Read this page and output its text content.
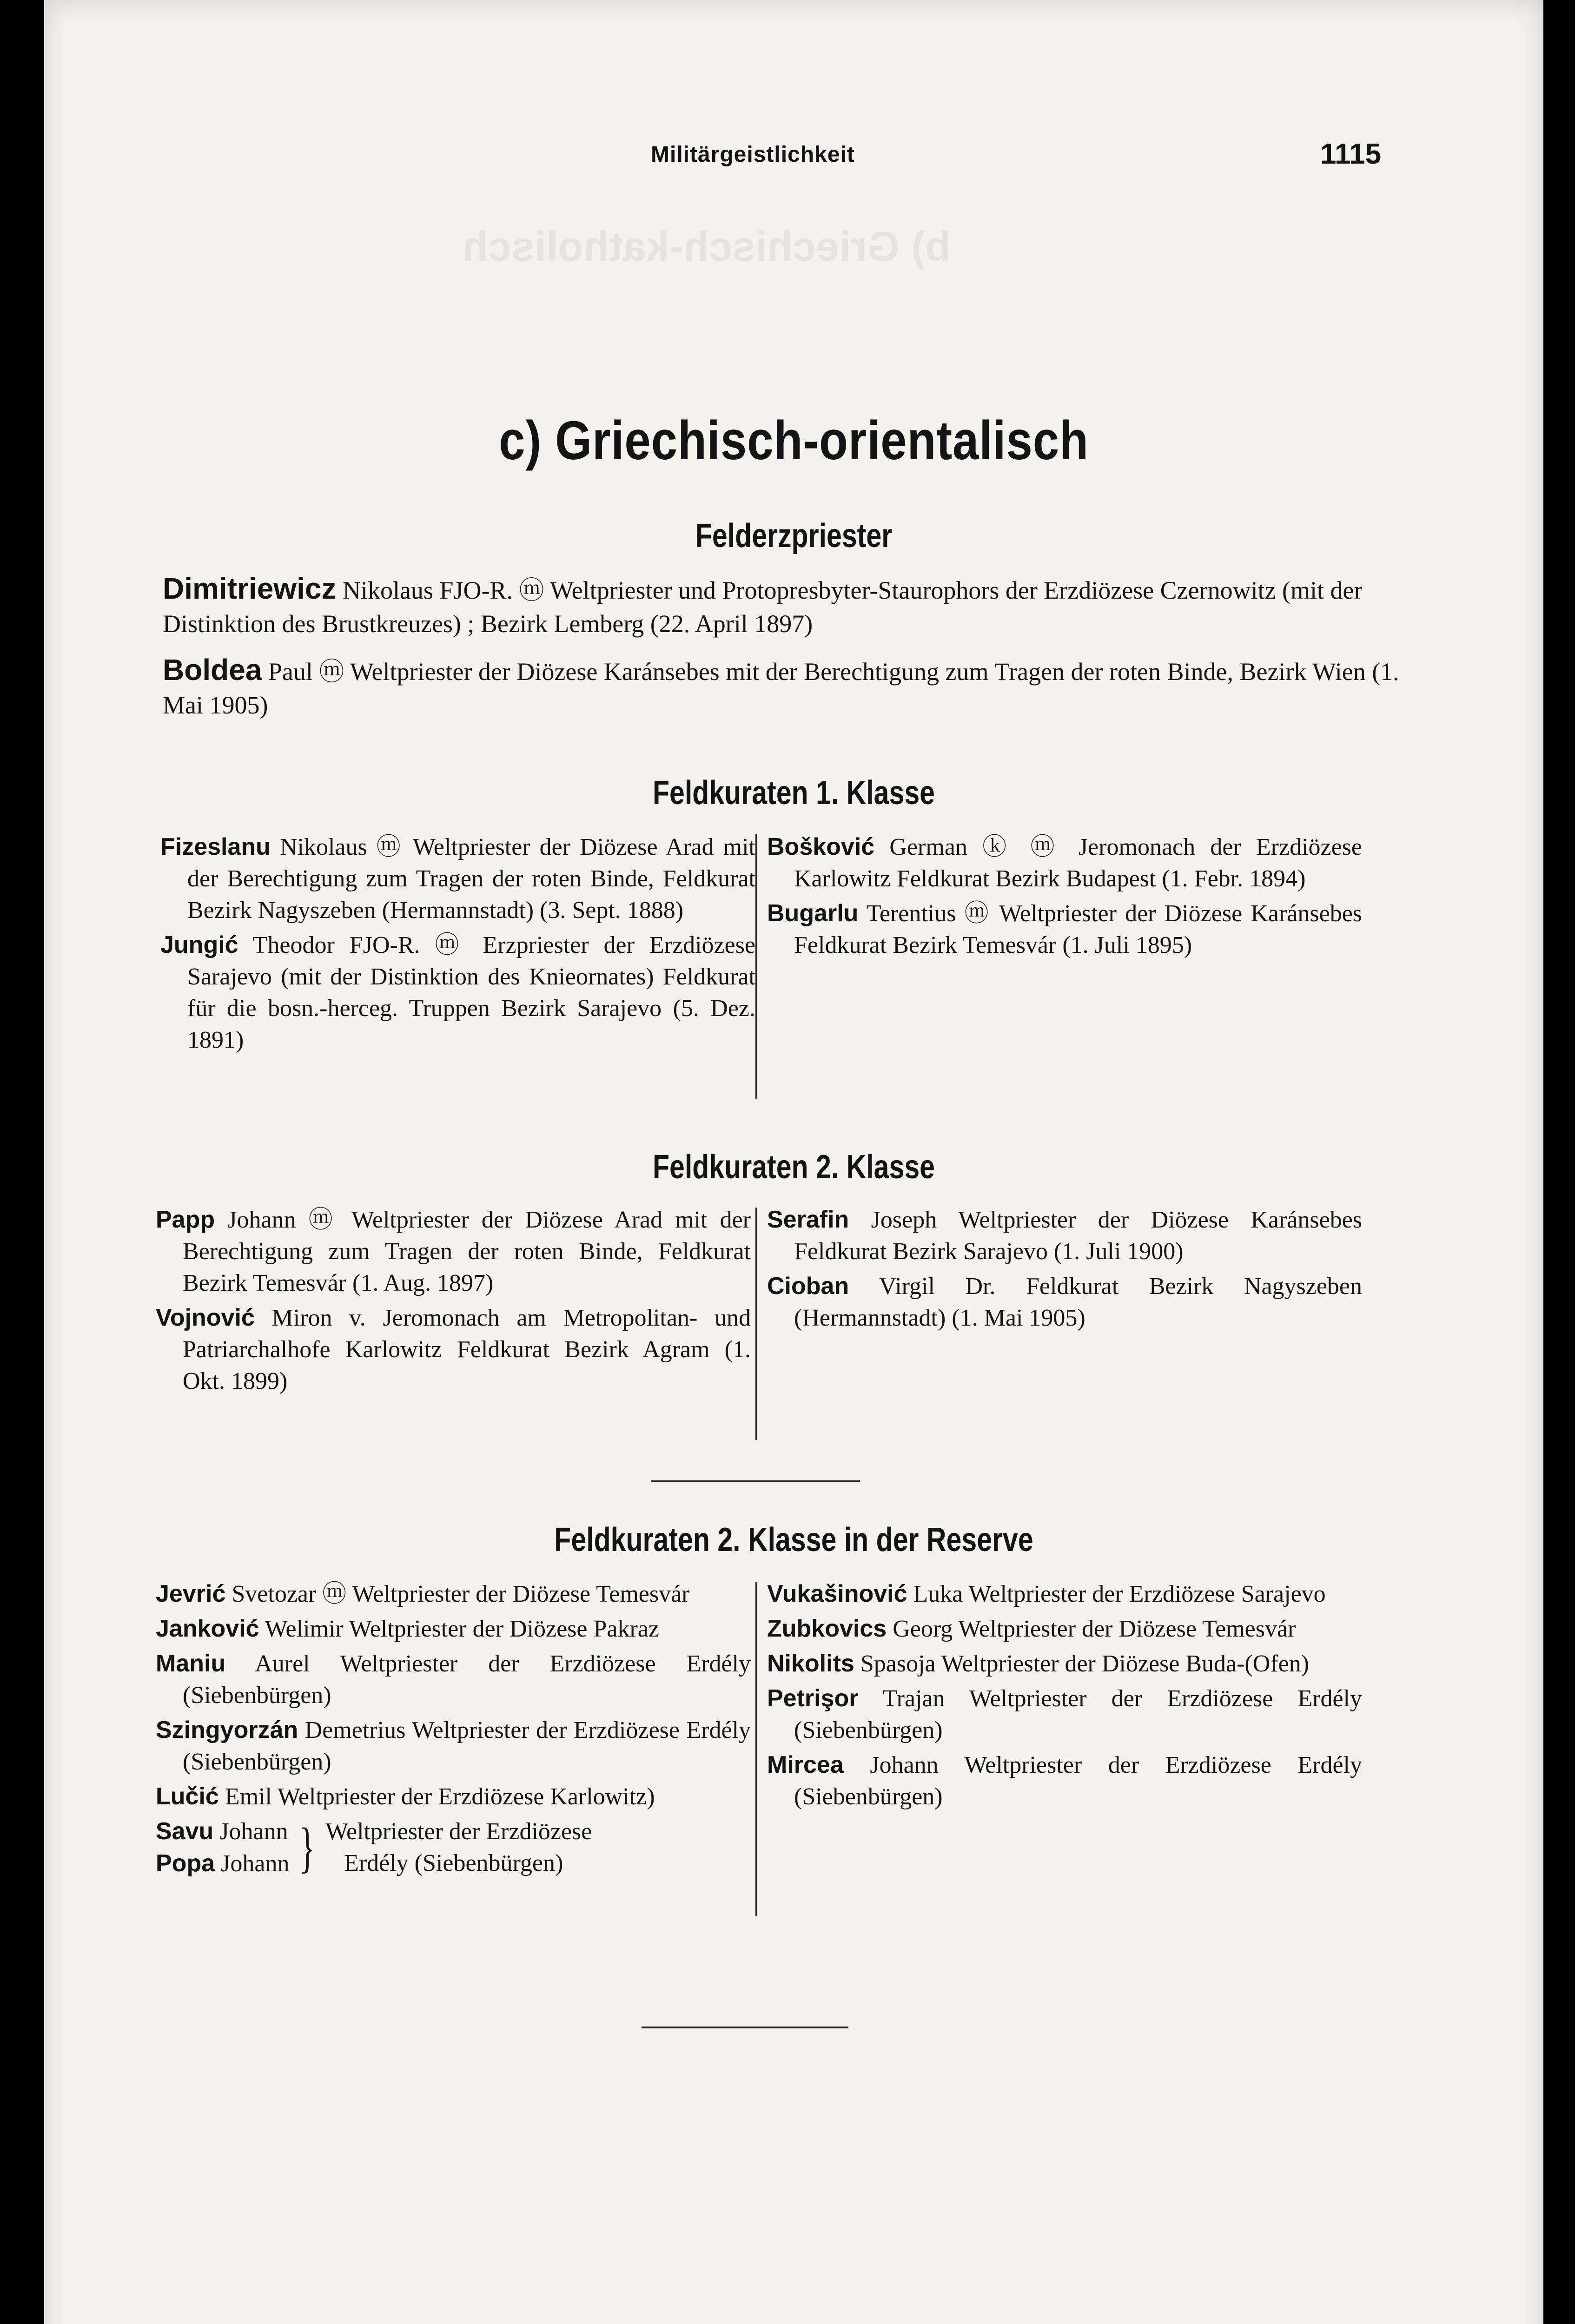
b) Griechisch-katholisch
Militärgeistlichkeit	1115
c) Griechisch-orientalisch
Felderzpriester
Dimitriewicz Nikolaus FJO-R. ⓜ Weltpriester und Protopresbyter-Staurophors der Erzdiözese Czernowitz (mit der Distinktion des Brustkreuzes) ; Bezirk Lemberg (22. April 1897)
Boldea Paul ⓜ Weltpriester der Diözese Karánsebes mit der Berechtigung zum Tragen der roten Binde, Bezirk Wien (1. Mai 1905)
Feldkuraten 1. Klasse
Fizeslanu Nikolaus ⓜ Weltpriester der Diözese Arad mit der Berechtigung zum Tragen der roten Binde, Feldkurat Bezirk Nagyszeben (Hermannstadt) (3. Sept. 1888)
Jungić Theodor FJO-R. ⓜ Erzpriester der Erzdiözese Sarajevo (mit der Distinktion des Knieornates) Feldkurat für die bosn.-herceg. Truppen Bezirk Sarajevo (5. Dez. 1891)
Bošković German ⓚ ⓜ Jeromonach der Erzdiözese Karlowitz Feldkurat Bezirk Budapest (1. Febr. 1894)
Bugarlu Terentius ⓜ Weltpriester der Diözese Karánsebes Feldkurat Bezirk Temesvár (1. Juli 1895)
Feldkuraten 2. Klasse
Papp Johann ⓜ Weltpriester der Diözese Arad mit der Berechtigung zum Tragen der roten Binde, Feldkurat Bezirk Temesvár (1. Aug. 1897)
Vojnović Miron v. Jeromonach am Metropolitan- und Patriarchalhofe Karlowitz Feldkurat Bezirk Agram (1. Okt. 1899)
Serafin Joseph Weltpriester der Diözese Karánsebes Feldkurat Bezirk Sarajevo (1. Juli 1900)
Cioban Virgil Dr. Feldkurat Bezirk Nagyszeben (Hermannstadt) (1. Mai 1905)
Feldkuraten 2. Klasse in der Reserve
Jevrić Svetozar ⓜ Weltpriester der Diözese Temesvár
Janković Welimir Weltpriester der Diözese Pakraz
Maniu Aurel Weltpriester der Erzdiözese Erdély (Siebenbürgen)
Szingyorzán Demetrius Weltpriester der Erzdiözese Erdély (Siebenbürgen)
Lučić Emil Weltpriester der Erzdiözese Karlowitz)
Savu Johann
Popa Johann } Weltpriester der Erzdiözese
Erdély (Siebenbürgen)
Vukašinović Luka Weltpriester der Erzdiözese Sarajevo
Zubkovics Georg Weltpriester der Diözese Temesvár
Nikolits Spasoja Weltpriester der Diözese Buda-(Ofen)
Petrişor Trajan Weltpriester der Erzdiözese Erdély (Siebenbürgen)
Mircea Johann Weltpriester der Erzdiözese Erdély (Siebenbürgen)
